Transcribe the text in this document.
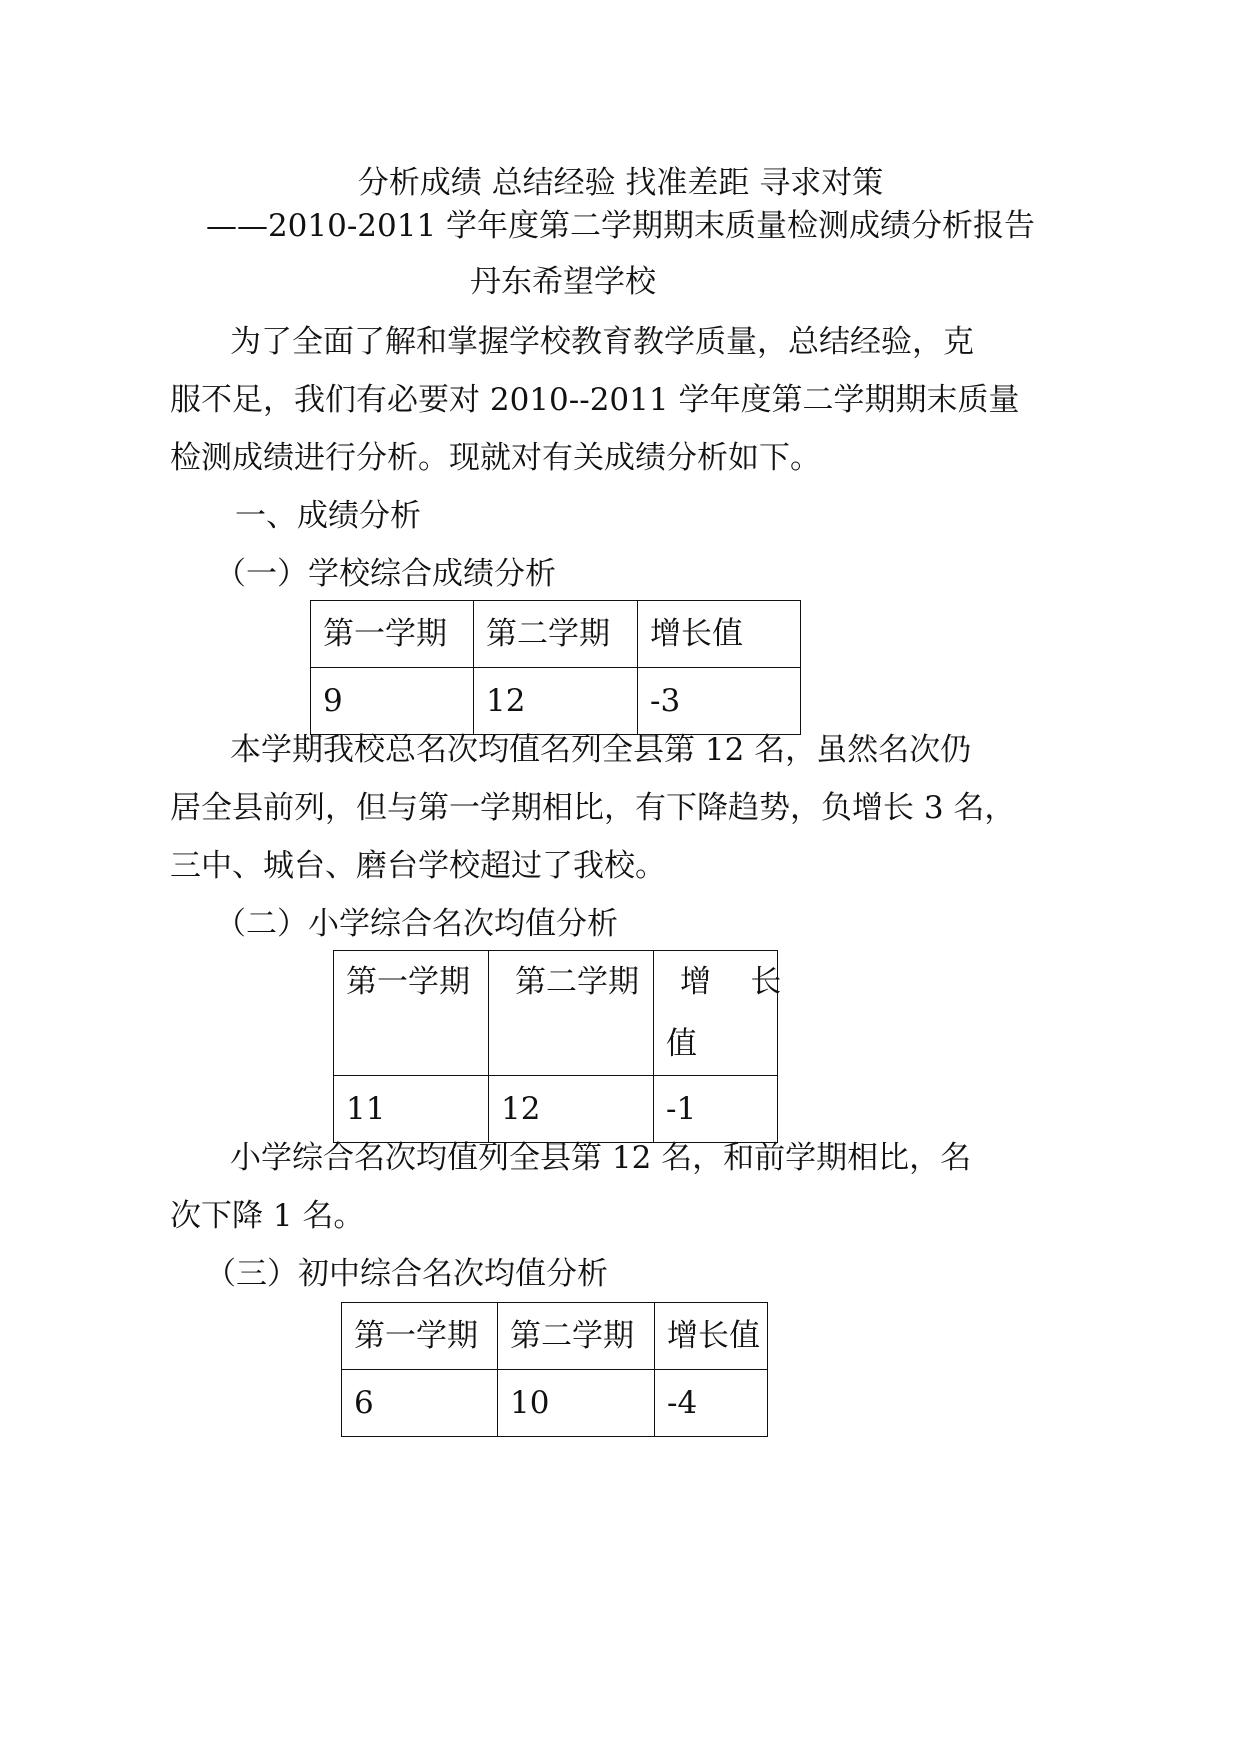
分析成绩 总结经验 找准差距 寻求对策
——2010-2011 学年度第二学期期末质量检测成绩分析报告
丹东希望学校
为了全面了解和掌握学校教育教学质量，总结经验，克
服不足，我们有必要对 2010--2011 学年度第二学期期末质量
检测成绩进行分析。现就对有关成绩分析如下。
一、成绩分析
（一）学校综合成绩分析
第一学期	第二学期	增长值
9	12	-3
本学期我校总名次均值名列全县第 12 名，虽然名次仍
居全县前列，但与第一学期相比，有下降趋势，负增长 3 名，
三中、城台、磨台学校超过了我校。
（二）小学综合名次均值分析
第一学期	第二学期	增    长
值

11	12	-1
小学综合名次均值列全县第 12 名，和前学期相比，名
次下降 1 名。
（三）初中综合名次均值分析
第一学期	第二学期	增长值
6	10	-4
